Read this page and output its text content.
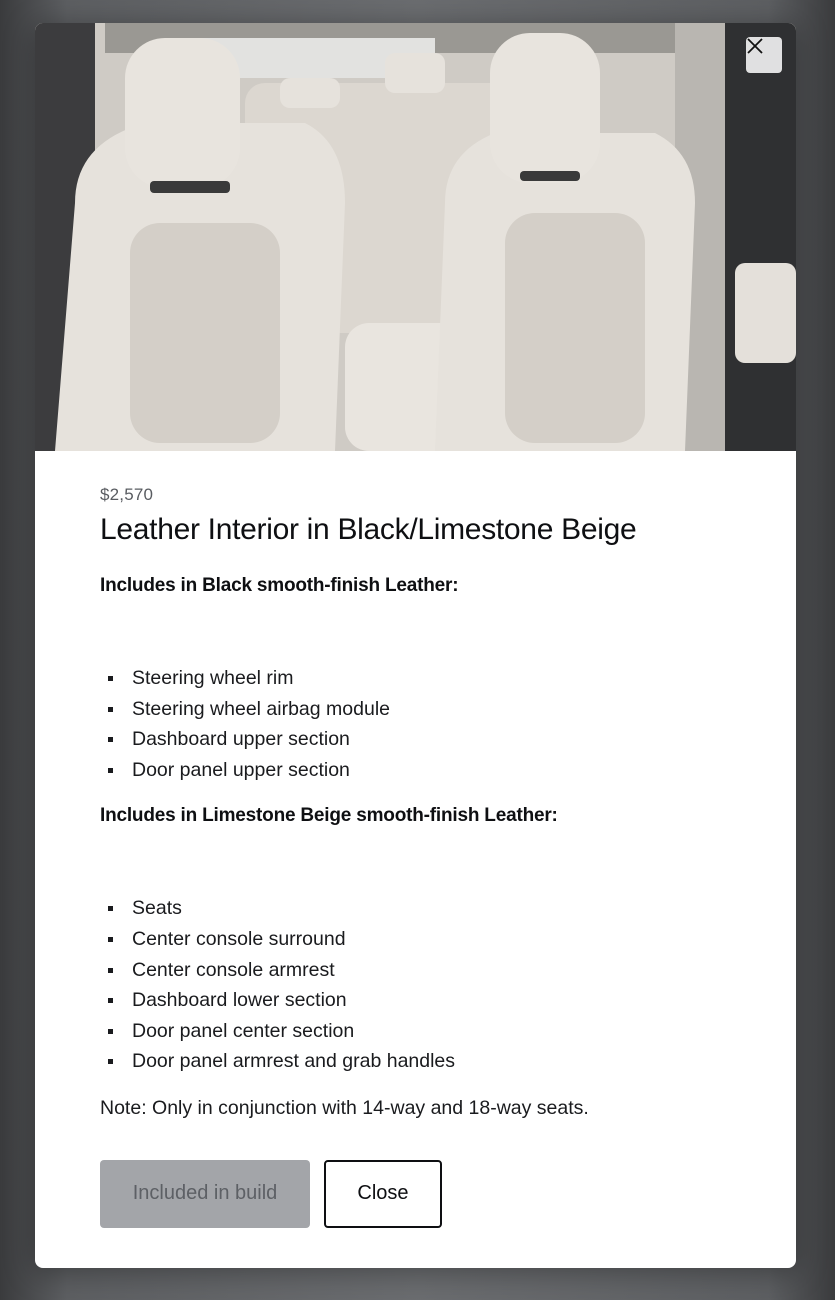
$2,570
Leather Interior in Black/Limestone Beige
Includes in Black smooth-finish Leather:
Steering wheel rim
Steering wheel airbag module
Dashboard upper section
Door panel upper section
Includes in Limestone Beige smooth-finish Leather:
Seats
Center console surround
Center console armrest
Dashboard lower section
Door panel center section
Door panel armrest and grab handles
Note: Only in conjunction with 14-way and 18-way seats.
Included in build	Close
